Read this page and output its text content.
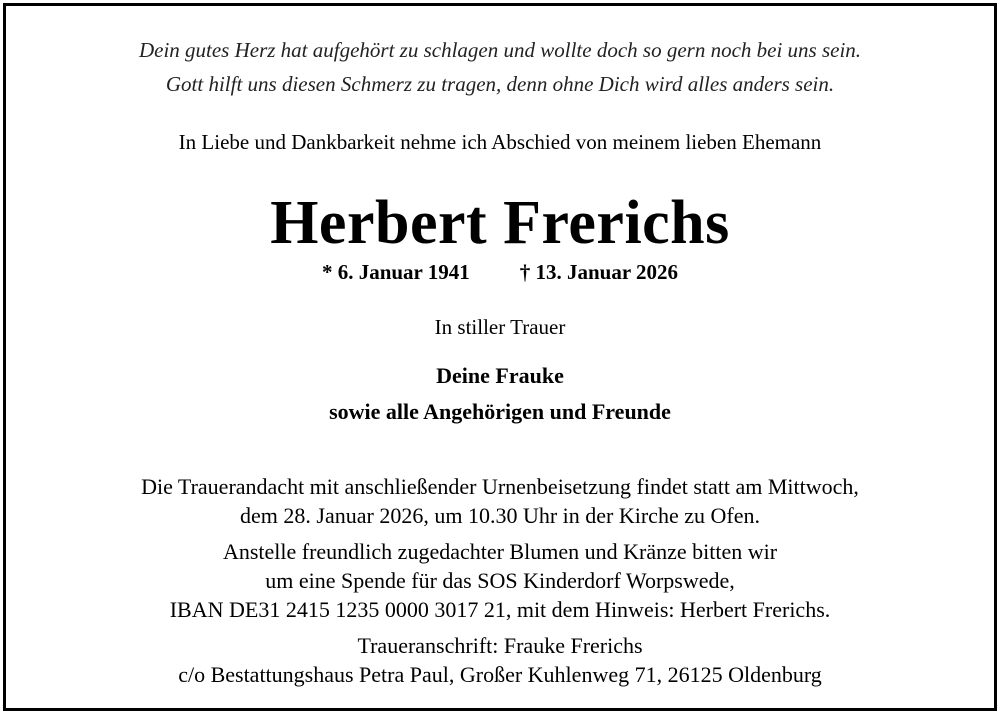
Dein gutes Herz hat aufgehört zu schlagen und wollte doch so gern noch bei uns sein.
Gott hilft uns diesen Schmerz zu tragen, denn ohne Dich wird alles anders sein.
In Liebe und Dankbarkeit nehme ich Abschied von meinem lieben Ehemann
Herbert Frerichs
* 6. Januar 1941 † 13. Januar 2026
In stiller Trauer
Deine Frauke
sowie alle Angehörigen und Freunde
Die Trauerandacht mit anschließender Urnenbeisetzung findet statt am Mittwoch,
dem 28. Januar 2026, um 10.30 Uhr in der Kirche zu Ofen.
Anstelle freundlich zugedachter Blumen und Kränze bitten wir
um eine Spende für das SOS Kinderdorf Worpswede,
IBAN DE31 2415 1235 0000 3017 21, mit dem Hinweis: Herbert Frerichs.
Traueranschrift: Frauke Frerichs
c/o Bestattungshaus Petra Paul, Großer Kuhlenweg 71, 26125 Oldenburg
